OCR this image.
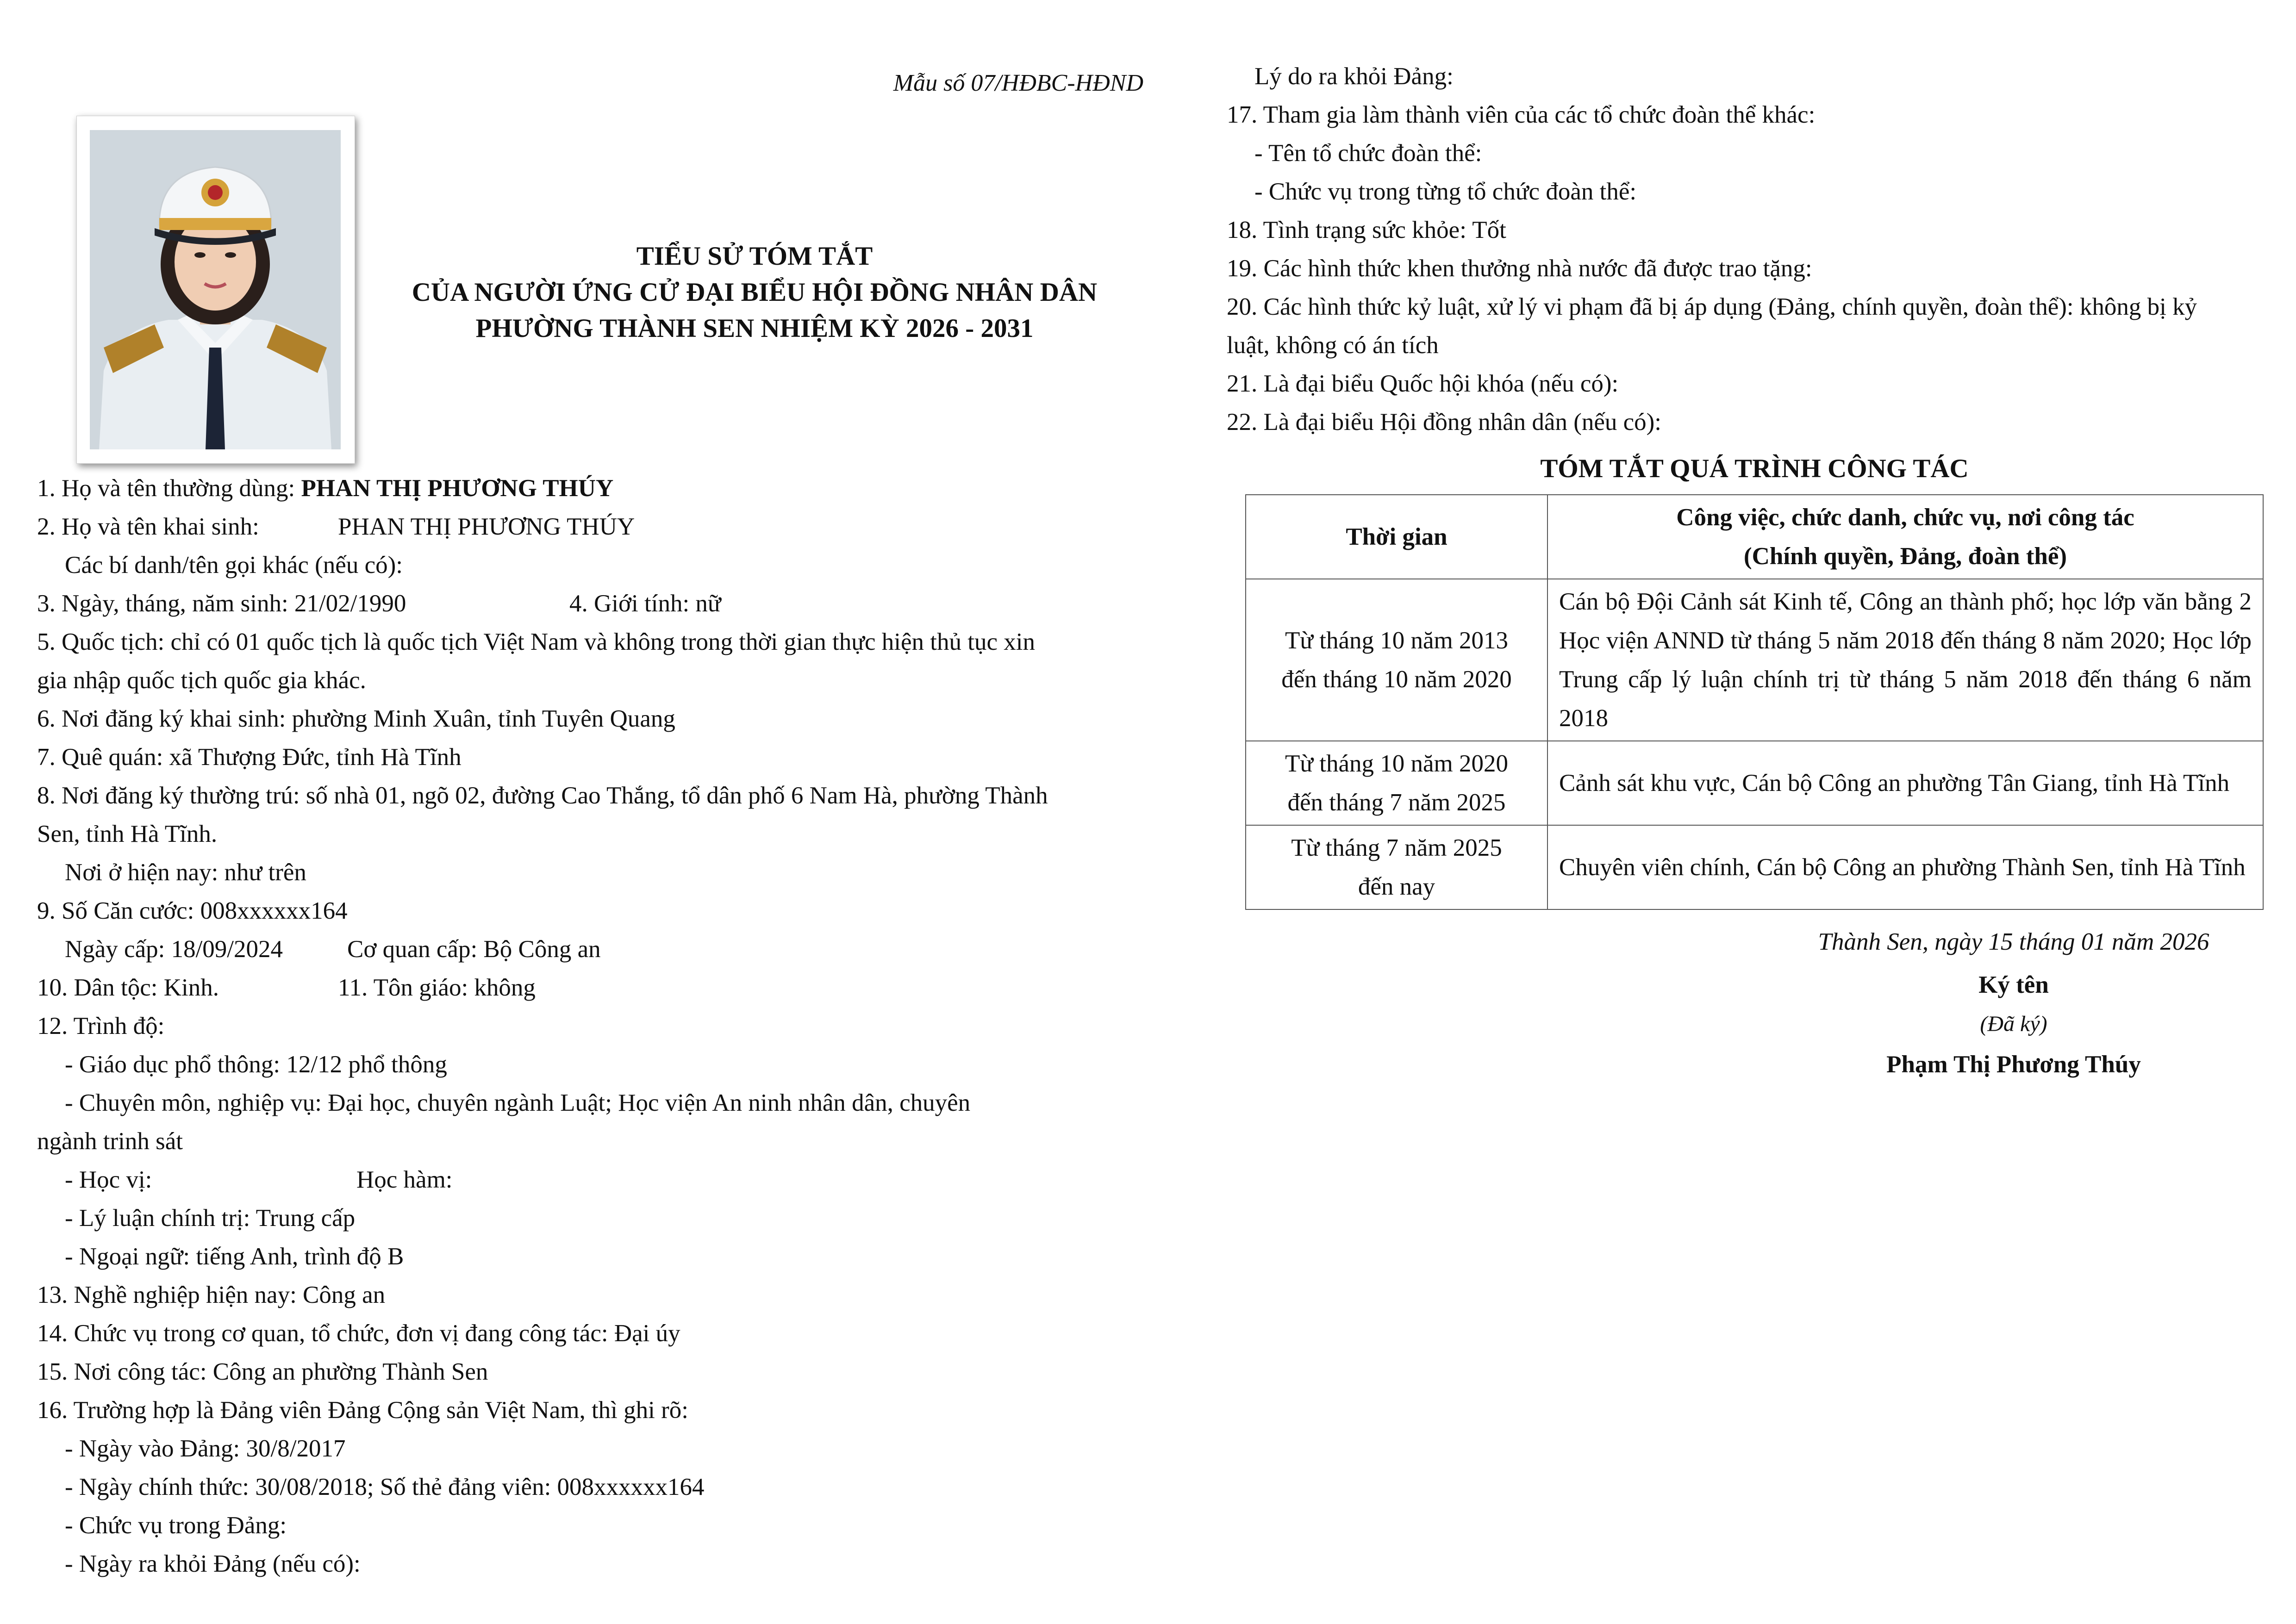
Mẫu số 07/HĐBC-HĐND
TIỂU SỬ TÓM TẮT
CỦA NGƯỜI ỨNG CỬ ĐẠI BIỂU HỘI ĐỒNG NHÂN DÂN
PHƯỜNG THÀNH SEN NHIỆM KỲ 2026 - 2031
1. Họ và tên thường dùng: PHAN THỊ PHƯƠNG THÚY
2. Họ và tên khai sinh:	PHAN THỊ PHƯƠNG THÚY
Các bí danh/tên gọi khác (nếu có):
3. Ngày, tháng, năm sinh: 21/02/1990	4. Giới tính: nữ
5. Quốc tịch: chỉ có 01 quốc tịch là quốc tịch Việt Nam và không trong thời gian thực hiện thủ tục xin
gia nhập quốc tịch quốc gia khác.
6. Nơi đăng ký khai sinh: phường Minh Xuân, tỉnh Tuyên Quang
7. Quê quán: xã Thượng Đức, tỉnh Hà Tĩnh
8. Nơi đăng ký thường trú: số nhà 01, ngõ 02, đường Cao Thắng, tổ dân phố 6 Nam Hà, phường Thành
Sen, tỉnh Hà Tĩnh.
Nơi ở hiện nay: như trên
9. Số Căn cước: 008xxxxxx164
Ngày cấp: 18/09/2024	Cơ quan cấp: Bộ Công an
10. Dân tộc: Kinh.	11. Tôn giáo: không
12. Trình độ:
- Giáo dục phổ thông: 12/12 phổ thông
- Chuyên môn, nghiệp vụ: Đại học, chuyên ngành Luật; Học viện An ninh nhân dân, chuyên
ngành trinh sát
- Học vị:	Học hàm:
- Lý luận chính trị: Trung cấp
- Ngoại ngữ: tiếng Anh, trình độ B
13. Nghề nghiệp hiện nay: Công an
14. Chức vụ trong cơ quan, tổ chức, đơn vị đang công tác: Đại úy
15. Nơi công tác: Công an phường Thành Sen
16. Trường hợp là Đảng viên Đảng Cộng sản Việt Nam, thì ghi rõ:
- Ngày vào Đảng: 30/8/2017
- Ngày chính thức: 30/08/2018; Số thẻ đảng viên: 008xxxxxx164
- Chức vụ trong Đảng:
- Ngày ra khỏi Đảng (nếu có):
Lý do ra khỏi Đảng:
17. Tham gia làm thành viên của các tổ chức đoàn thể khác:
- Tên tổ chức đoàn thể:
- Chức vụ trong từng tổ chức đoàn thể:
18. Tình trạng sức khỏe: Tốt
19. Các hình thức khen thưởng nhà nước đã được trao tặng:
20. Các hình thức kỷ luật, xử lý vi phạm đã bị áp dụng (Đảng, chính quyền, đoàn thể): không bị kỷ
luật, không có án tích
21. Là đại biểu Quốc hội khóa (nếu có):
22. Là đại biểu Hội đồng nhân dân (nếu có):
TÓM TẮT QUÁ TRÌNH CÔNG TÁC
Thời gian	Công việc, chức danh, chức vụ, nơi công tác
(Chính quyền, Đảng, đoàn thể)

Từ tháng 10 năm 2013
đến tháng 10 năm 2020	Cán bộ Đội Cảnh sát Kinh tế, Công an thành phố; học lớp văn bằng 2 Học viện ANND từ tháng 5 năm 2018 đến tháng 8 năm 2020; Học lớp Trung cấp lý luận chính trị từ tháng 5 năm 2018 đến tháng 6 năm 2018

Từ tháng 10 năm 2020
đến tháng 7 năm 2025	Cảnh sát khu vực, Cán bộ Công an phường Tân Giang, tỉnh Hà Tĩnh

Từ tháng 7 năm 2025
đến nay	Chuyên viên chính, Cán bộ Công an phường Thành Sen, tỉnh Hà Tĩnh
Thành Sen, ngày 15 tháng 01 năm 2026
Ký tên
(Đã ký)
Phạm Thị Phương Thúy
